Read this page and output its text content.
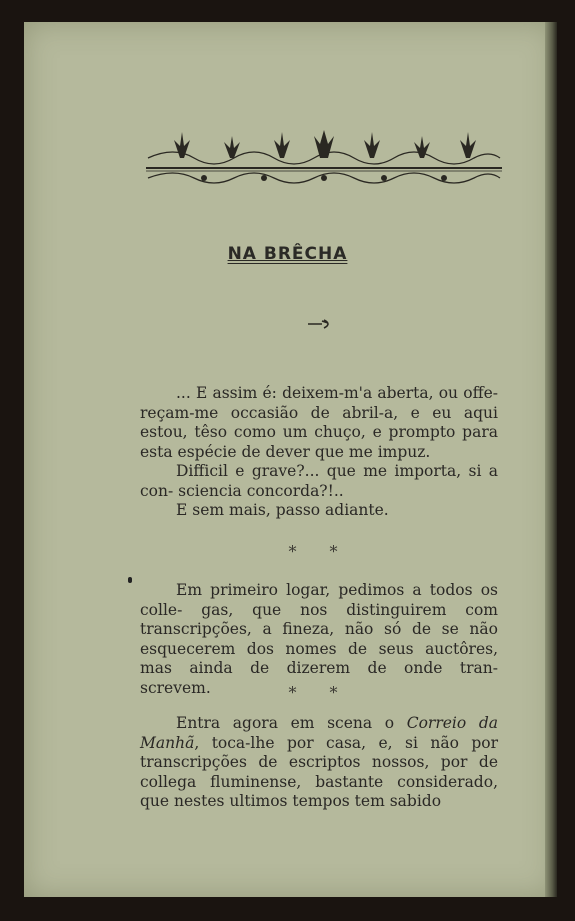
NA BRÊCHA

... E assim é: deixem-m'a aberta, ou offe- reçam-me occasião de abril-a, e eu aqui estou, têso como um chuço, e prompto para esta espécie de dever que me impuz.

Difficil e grave?... que me importa, si a con- sciencia concorda?!..

E sem mais, passo adiante.

* *

Em primeiro logar, pedimos a todos os colle- gas, que nos distinguirem com transcripções, a fineza, não só de se não esquecerem dos nomes de seus auctôres, mas ainda de dizerem de onde tran- screvem.	* *

Entra agora em scena o Correio da Manhã, toca-lhe por casa, e, si não por transcripções de escriptos nossos, por de collega fluminense, bastante considerado, que nestes ultimos tempos tem sabido
